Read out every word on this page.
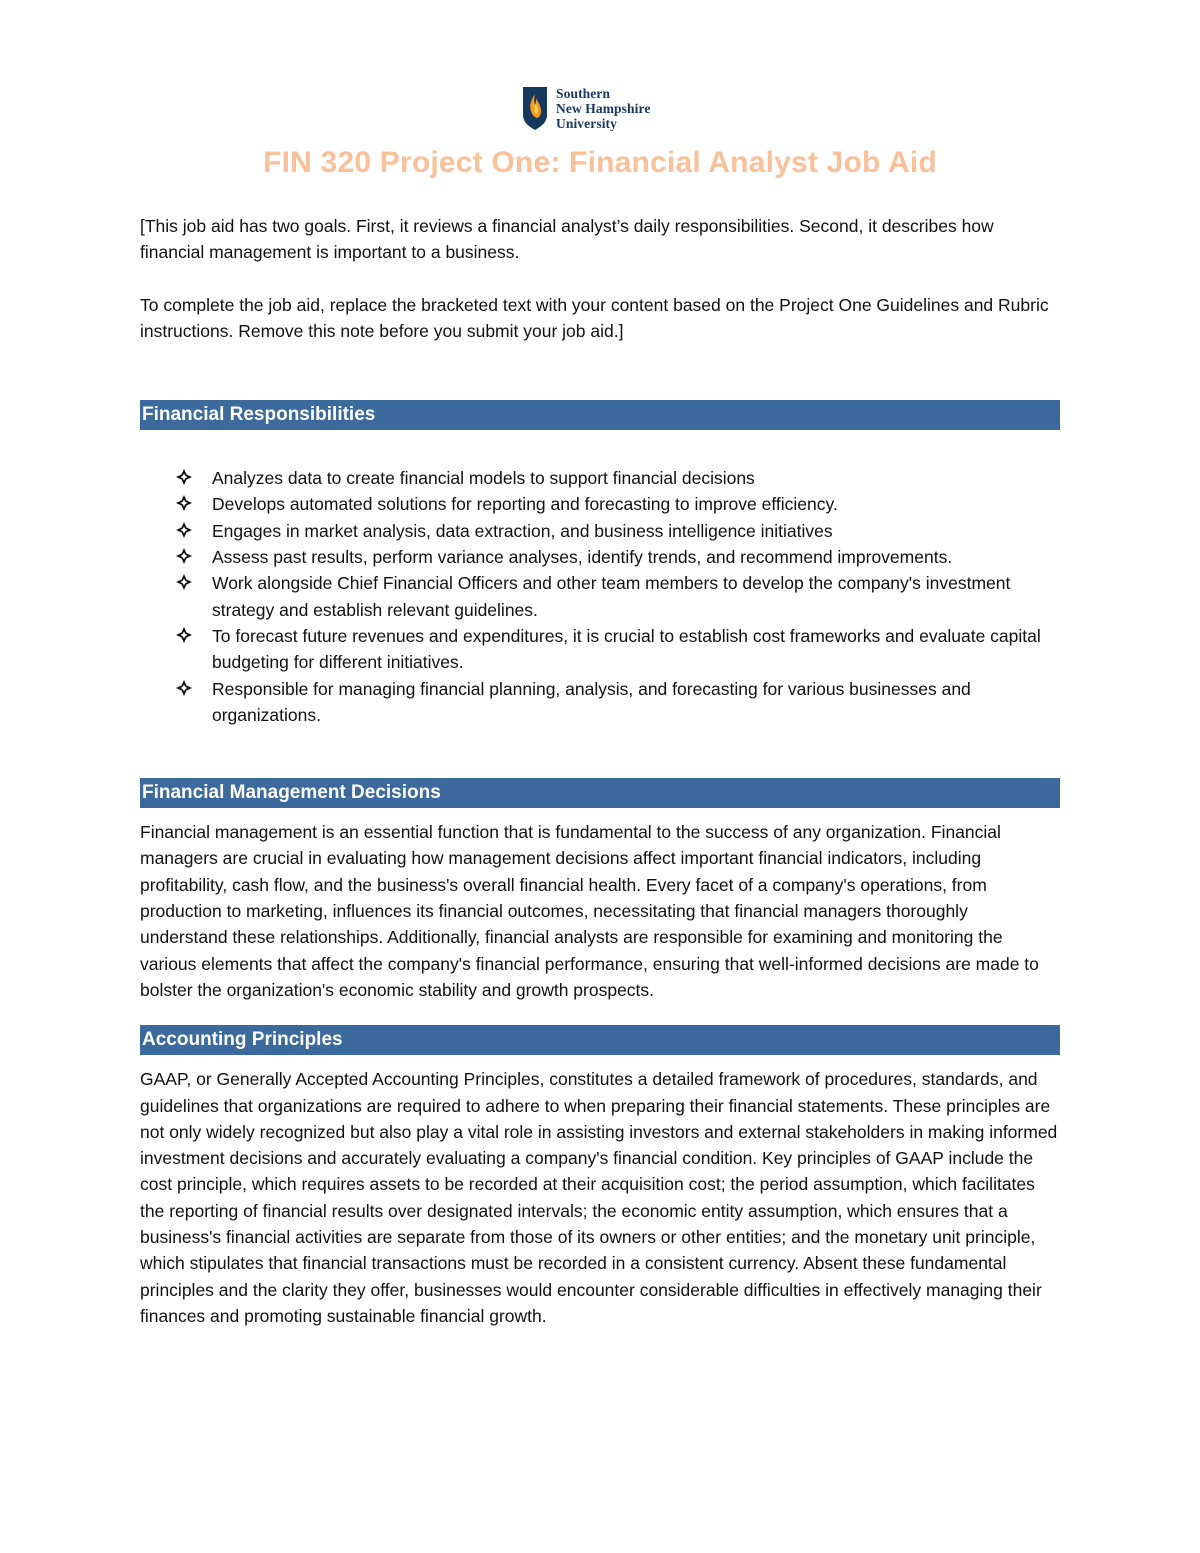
Southern
New Hampshire
University
FIN 320 Project One: Financial Analyst Job Aid

[This job aid has two goals. First, it reviews a financial analyst’s daily responsibilities. Second, it describes how financial management is important to a business.

To complete the job aid, replace the bracketed text with your content based on the Project One Guidelines and Rubric instructions. Remove this note before you submit your job aid.]

Financial Responsibilities
Analyzes data to create financial models to support financial decisions
Develops automated solutions for reporting and forecasting to improve efficiency.
Engages in market analysis, data extraction, and business intelligence initiatives
Assess past results, perform variance analyses, identify trends, and recommend improvements.
Work alongside Chief Financial Officers and other team members to develop the company's investment strategy and establish relevant guidelines.
To forecast future revenues and expenditures, it is crucial to establish cost frameworks and evaluate capital budgeting for different initiatives.
Responsible for managing financial planning, analysis, and forecasting for various businesses and organizations.
Financial Management Decisions

Financial management is an essential function that is fundamental to the success of any organization. Financial managers are crucial in evaluating how management decisions affect important financial indicators, including profitability, cash flow, and the business's overall financial health. Every facet of a company's operations, from production to marketing, influences its financial outcomes, necessitating that financial managers thoroughly understand these relationships. Additionally, financial analysts are responsible for examining and monitoring the various elements that affect the company's financial performance, ensuring that well-informed decisions are made to bolster the organization's economic stability and growth prospects.

Accounting Principles

GAAP, or Generally Accepted Accounting Principles, constitutes a detailed framework of procedures, standards, and guidelines that organizations are required to adhere to when preparing their financial statements. These principles are not only widely recognized but also play a vital role in assisting investors and external stakeholders in making informed investment decisions and accurately evaluating a company's financial condition. Key principles of GAAP include the cost principle, which requires assets to be recorded at their acquisition cost; the period assumption, which facilitates the reporting of financial results over designated intervals; the economic entity assumption, which ensures that a business's financial activities are separate from those of its owners or other entities; and the monetary unit principle, which stipulates that financial transactions must be recorded in a consistent currency. Absent these fundamental principles and the clarity they offer, businesses would encounter considerable difficulties in effectively managing their finances and promoting sustainable financial growth.
